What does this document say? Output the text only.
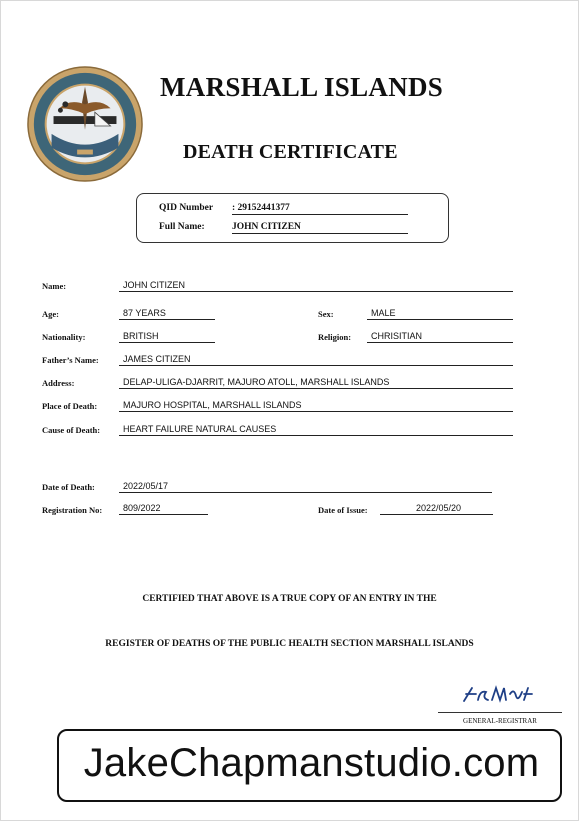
MARSHALL ISLANDS
DEATH CERTIFICATE
QID Number	: 29152441377
Full Name:	JOHN CITIZEN
Name:	JOHN CITIZEN
Age:	87 YEARS	Sex:	MALE
Nationality:	BRITISH	Religion:	CHRISITIAN
Father’s Name:	JAMES CITIZEN
Address:	DELAP-ULIGA-DJARRIT, MAJURO ATOLL, MARSHALL ISLANDS
Place of Death:	MAJURO HOSPITAL, MARSHALL ISLANDS
Cause of Death:	HEART FAILURE NATURAL CAUSES
Date of Death:	2022/05/17
Registration No:	809/2022	Date of Issue:	2022/05/20
CERTIFIED THAT ABOVE IS A TRUE COPY OF AN ENTRY IN THE
REGISTER OF DEATHS OF THE PUBLIC HEALTH SECTION MARSHALL ISLANDS
GENERAL-REGISTRAR
JakeChapmanstudio.com
